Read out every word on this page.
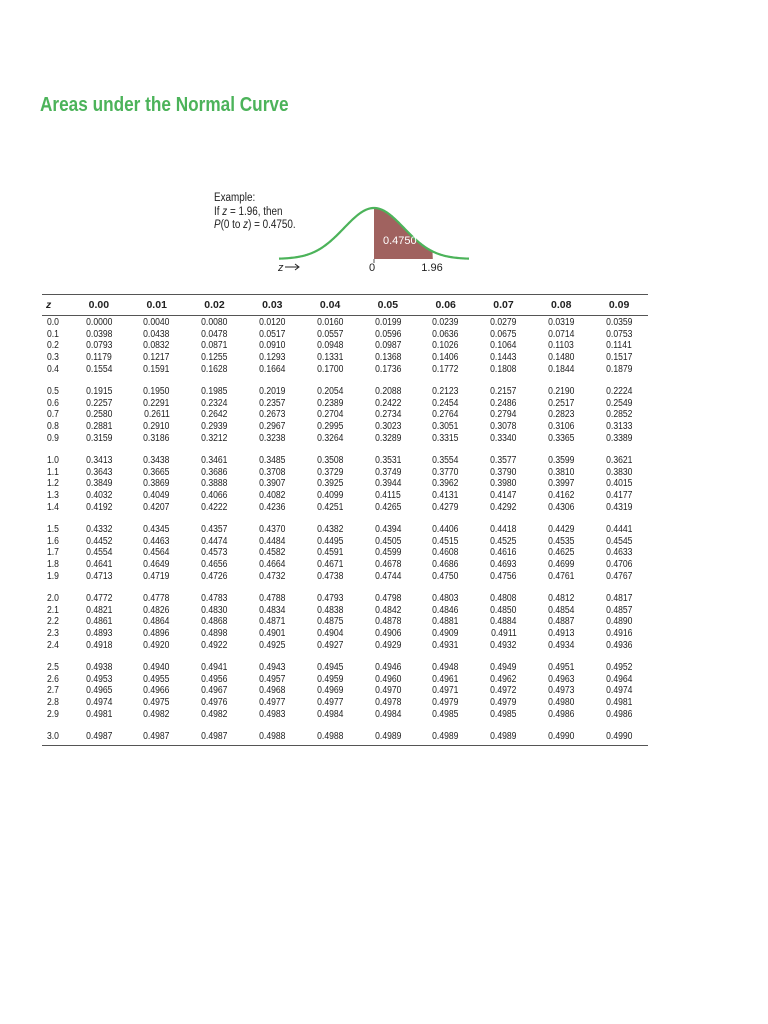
Areas under the Normal Curve
Example:
If z = 1.96, then
P(0 to z) = 0.4750.
0.4750
0	1.96
z
z	0.00	0.01	0.02	0.03	0.04	0.05	0.06	0.07	0.08	0.09
0.0	0.0000	0.0040	0.0080	0.0120	0.0160	0.0199	0.0239	0.0279	0.0319	0.0359
0.1	0.0398	0.0438	0.0478	0.0517	0.0557	0.0596	0.0636	0.0675	0.0714	0.0753
0.2	0.0793	0.0832	0.0871	0.0910	0.0948	0.0987	0.1026	0.1064	0.1103	0.1141
0.3	0.1179	0.1217	0.1255	0.1293	0.1331	0.1368	0.1406	0.1443	0.1480	0.1517
0.4	0.1554	0.1591	0.1628	0.1664	0.1700	0.1736	0.1772	0.1808	0.1844	0.1879
0.5	0.1915	0.1950	0.1985	0.2019	0.2054	0.2088	0.2123	0.2157	0.2190	0.2224
0.6	0.2257	0.2291	0.2324	0.2357	0.2389	0.2422	0.2454	0.2486	0.2517	0.2549
0.7	0.2580	0.2611	0.2642	0.2673	0.2704	0.2734	0.2764	0.2794	0.2823	0.2852
0.8	0.2881	0.2910	0.2939	0.2967	0.2995	0.3023	0.3051	0.3078	0.3106	0.3133
0.9	0.3159	0.3186	0.3212	0.3238	0.3264	0.3289	0.3315	0.3340	0.3365	0.3389
1.0	0.3413	0.3438	0.3461	0.3485	0.3508	0.3531	0.3554	0.3577	0.3599	0.3621
1.1	0.3643	0.3665	0.3686	0.3708	0.3729	0.3749	0.3770	0.3790	0.3810	0.3830
1.2	0.3849	0.3869	0.3888	0.3907	0.3925	0.3944	0.3962	0.3980	0.3997	0.4015
1.3	0.4032	0.4049	0.4066	0.4082	0.4099	0.4115	0.4131	0.4147	0.4162	0.4177
1.4	0.4192	0.4207	0.4222	0.4236	0.4251	0.4265	0.4279	0.4292	0.4306	0.4319
1.5	0.4332	0.4345	0.4357	0.4370	0.4382	0.4394	0.4406	0.4418	0.4429	0.4441
1.6	0.4452	0.4463	0.4474	0.4484	0.4495	0.4505	0.4515	0.4525	0.4535	0.4545
1.7	0.4554	0.4564	0.4573	0.4582	0.4591	0.4599	0.4608	0.4616	0.4625	0.4633
1.8	0.4641	0.4649	0.4656	0.4664	0.4671	0.4678	0.4686	0.4693	0.4699	0.4706
1.9	0.4713	0.4719	0.4726	0.4732	0.4738	0.4744	0.4750	0.4756	0.4761	0.4767
2.0	0.4772	0.4778	0.4783	0.4788	0.4793	0.4798	0.4803	0.4808	0.4812	0.4817
2.1	0.4821	0.4826	0.4830	0.4834	0.4838	0.4842	0.4846	0.4850	0.4854	0.4857
2.2	0.4861	0.4864	0.4868	0.4871	0.4875	0.4878	0.4881	0.4884	0.4887	0.4890
2.3	0.4893	0.4896	0.4898	0.4901	0.4904	0.4906	0.4909	0.4911	0.4913	0.4916
2.4	0.4918	0.4920	0.4922	0.4925	0.4927	0.4929	0.4931	0.4932	0.4934	0.4936
2.5	0.4938	0.4940	0.4941	0.4943	0.4945	0.4946	0.4948	0.4949	0.4951	0.4952
2.6	0.4953	0.4955	0.4956	0.4957	0.4959	0.4960	0.4961	0.4962	0.4963	0.4964
2.7	0.4965	0.4966	0.4967	0.4968	0.4969	0.4970	0.4971	0.4972	0.4973	0.4974
2.8	0.4974	0.4975	0.4976	0.4977	0.4977	0.4978	0.4979	0.4979	0.4980	0.4981
2.9	0.4981	0.4982	0.4982	0.4983	0.4984	0.4984	0.4985	0.4985	0.4986	0.4986
3.0	0.4987	0.4987	0.4987	0.4988	0.4988	0.4989	0.4989	0.4989	0.4990	0.4990
